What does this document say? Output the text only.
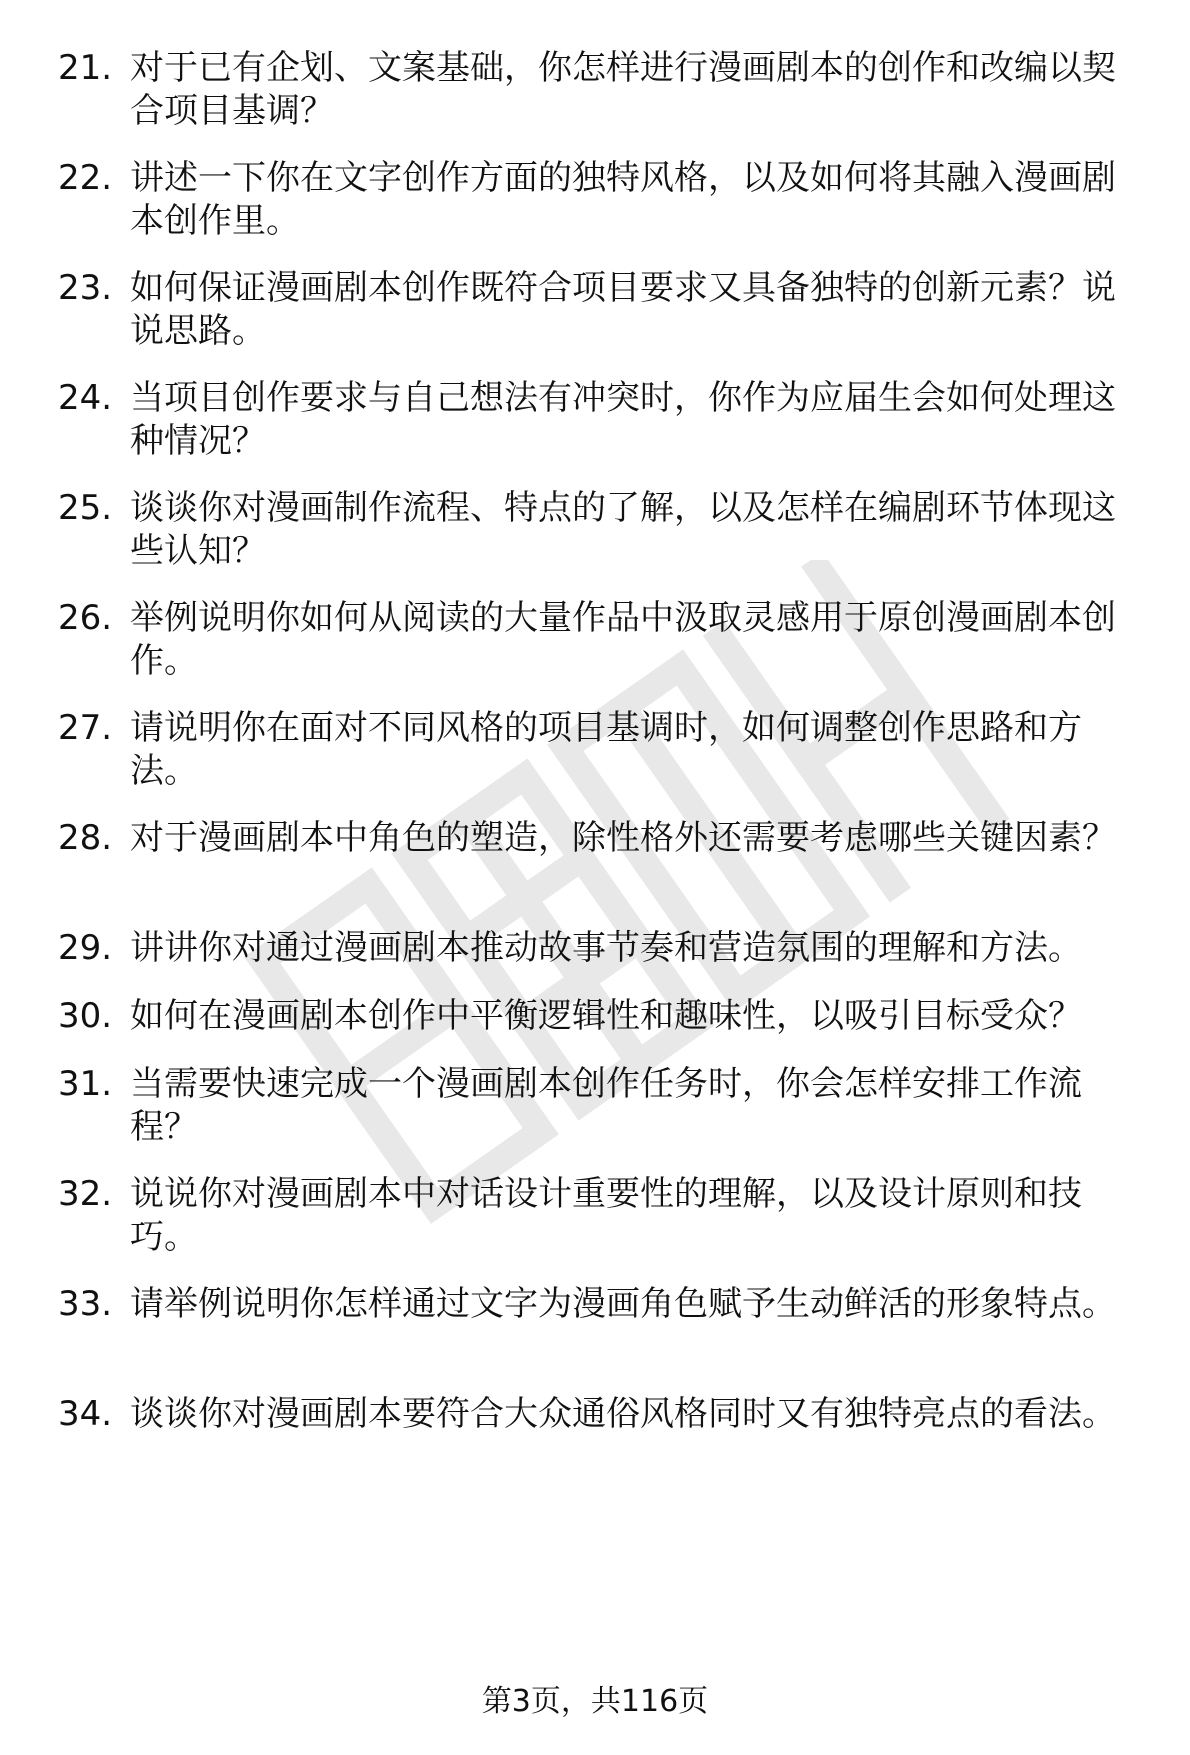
21. 对于已有企划、文案基础，你怎样进行漫画剧本的创作和改编以契合项目基调？
22. 讲述一下你在文字创作方面的独特风格，以及如何将其融入漫画剧本创作里。
23. 如何保证漫画剧本创作既符合项目要求又具备独特的创新元素？说说思路。
24. 当项目创作要求与自己想法有冲突时，你作为应届生会如何处理这种情况？
25. 谈谈你对漫画制作流程、特点的了解，以及怎样在编剧环节体现这些认知？
26. 举例说明你如何从阅读的大量作品中汲取灵感用于原创漫画剧本创作。
27. 请说明你在面对不同风格的项目基调时，如何调整创作思路和方法。
28. 对于漫画剧本中角色的塑造，除性格外还需要考虑哪些关键因素？
29. 讲讲你对通过漫画剧本推动故事节奏和营造氛围的理解和方法。
30. 如何在漫画剧本创作中平衡逻辑性和趣味性，以吸引目标受众？
31. 当需要快速完成一个漫画剧本创作任务时，你会怎样安排工作流程？
32. 说说你对漫画剧本中对话设计重要性的理解，以及设计原则和技巧。
33. 请举例说明你怎样通过文字为漫画角色赋予生动鲜活的形象特点。
34. 谈谈你对漫画剧本要符合大众通俗风格同时又有独特亮点的看法。
第3页，共116页
